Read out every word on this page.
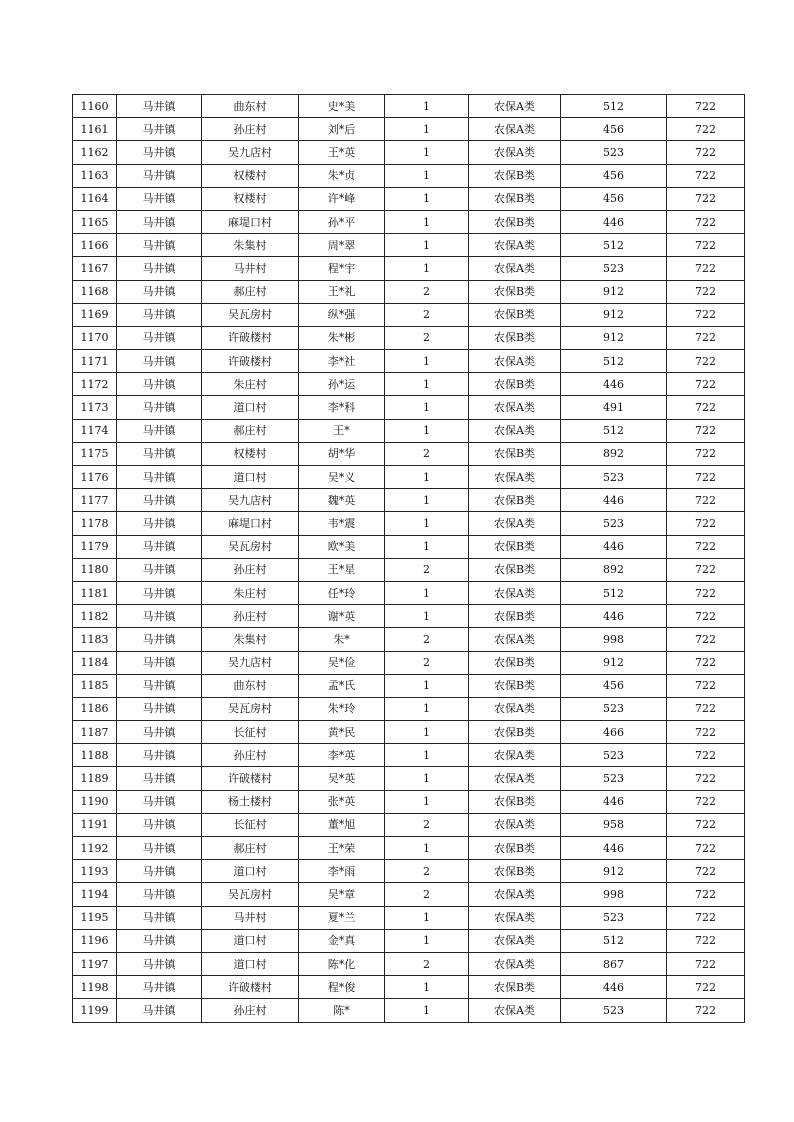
1160	马井镇	曲东村	史*美	1	农保A类	512	722
1161	马井镇	孙庄村	刘*后	1	农保A类	456	722
1162	马井镇	吴九店村	王*英	1	农保A类	523	722
1163	马井镇	权楼村	朱*贞	1	农保B类	456	722
1164	马井镇	权楼村	许*峰	1	农保B类	456	722
1165	马井镇	麻堤口村	孙*平	1	农保B类	446	722
1166	马井镇	朱集村	周*翠	1	农保A类	512	722
1167	马井镇	马井村	程*宇	1	农保A类	523	722
1168	马井镇	郝庄村	王*礼	2	农保B类	912	722
1169	马井镇	吴瓦房村	纵*强	2	农保B类	912	722
1170	马井镇	许破楼村	朱*彬	2	农保B类	912	722
1171	马井镇	许破楼村	李*社	1	农保A类	512	722
1172	马井镇	朱庄村	孙*运	1	农保B类	446	722
1173	马井镇	道口村	李*科	1	农保A类	491	722
1174	马井镇	郝庄村	王*	1	农保A类	512	722
1175	马井镇	权楼村	胡*华	2	农保B类	892	722
1176	马井镇	道口村	吴*义	1	农保A类	523	722
1177	马井镇	吴九店村	魏*英	1	农保B类	446	722
1178	马井镇	麻堤口村	韦*震	1	农保A类	523	722
1179	马井镇	吴瓦房村	欧*美	1	农保B类	446	722
1180	马井镇	孙庄村	王*星	2	农保B类	892	722
1181	马井镇	朱庄村	任*玲	1	农保A类	512	722
1182	马井镇	孙庄村	谢*英	1	农保B类	446	722
1183	马井镇	朱集村	朱*	2	农保A类	998	722
1184	马井镇	吴九店村	吴*俭	2	农保B类	912	722
1185	马井镇	曲东村	孟*氏	1	农保B类	456	722
1186	马井镇	吴瓦房村	朱*玲	1	农保A类	523	722
1187	马井镇	长征村	黄*民	1	农保B类	466	722
1188	马井镇	孙庄村	李*英	1	农保A类	523	722
1189	马井镇	许破楼村	吴*英	1	农保A类	523	722
1190	马井镇	杨土楼村	张*英	1	农保B类	446	722
1191	马井镇	长征村	董*旭	2	农保A类	958	722
1192	马井镇	郝庄村	王*荣	1	农保B类	446	722
1193	马井镇	道口村	李*雨	2	农保B类	912	722
1194	马井镇	吴瓦房村	吴*章	2	农保A类	998	722
1195	马井镇	马井村	夏*兰	1	农保A类	523	722
1196	马井镇	道口村	金*真	1	农保A类	512	722
1197	马井镇	道口村	陈*化	2	农保A类	867	722
1198	马井镇	许破楼村	程*俊	1	农保B类	446	722
1199	马井镇	孙庄村	陈*	1	农保A类	523	722
